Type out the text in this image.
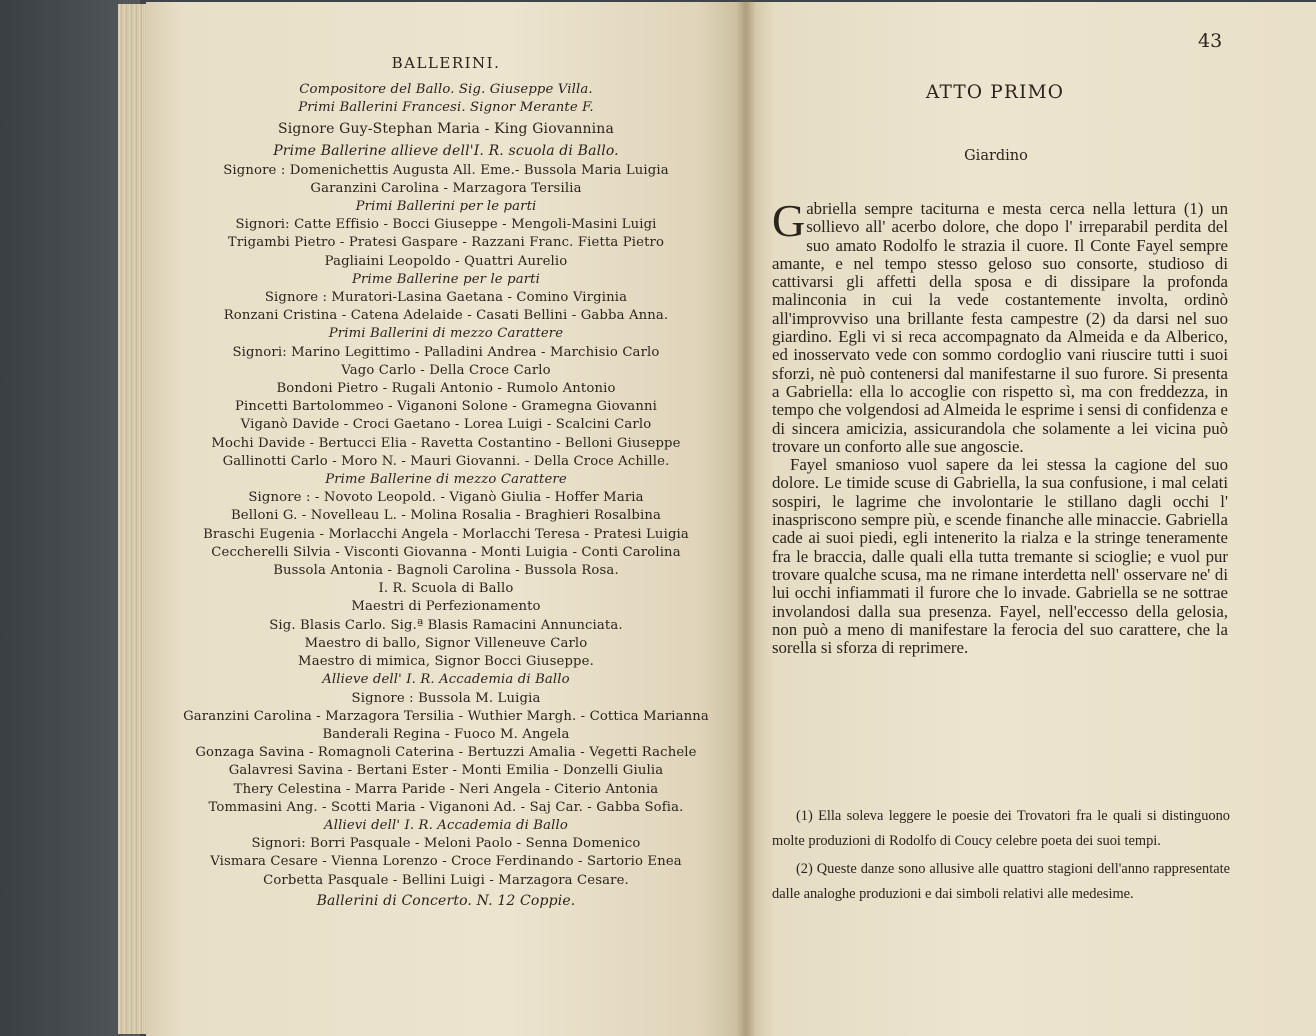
BALLERINI.
Compositore del Ballo. Sig. Giuseppe Villa.
Primi Ballerini Francesi. Signor Merante F.
Signore Guy-Stephan Maria - King Giovannina
Prime Ballerine allieve dell'I. R. scuola di Ballo.
Signore : Domenichettis Augusta All. Eme.- Bussola Maria Luigia
Garanzini Carolina - Marzagora Tersilia
Primi Ballerini per le parti
Signori: Catte Effisio - Bocci Giuseppe - Mengoli-Masini Luigi
Trigambi Pietro - Pratesi Gaspare - Razzani Franc. Fietta Pietro
Pagliaini Leopoldo - Quattri Aurelio
Prime Ballerine per le parti
Signore : Muratori-Lasina Gaetana - Comino Virginia
Ronzani Cristina - Catena Adelaide - Casati Bellini - Gabba Anna.
Primi Ballerini di mezzo Carattere
Signori: Marino Legittimo - Palladini Andrea - Marchisio Carlo
Vago Carlo - Della Croce Carlo
Bondoni Pietro - Rugali Antonio - Rumolo Antonio
Pincetti Bartolommeo - Viganoni Solone - Gramegna Giovanni
Viganò Davide - Croci Gaetano - Lorea Luigi - Scalcini Carlo
Mochi Davide - Bertucci Elia - Ravetta Costantino - Belloni Giuseppe
Gallinotti Carlo - Moro N. - Mauri Giovanni. - Della Croce Achille.
Prime Ballerine di mezzo Carattere
Signore : - Novoto Leopold. - Viganò Giulia - Hoffer Maria
Belloni G. - Novelleau L. - Molina Rosalia - Braghieri Rosalbina
Braschi Eugenia - Morlacchi Angela - Morlacchi Teresa - Pratesi Luigia
Ceccherelli Silvia - Visconti Giovanna - Monti Luigia - Conti Carolina
Bussola Antonia - Bagnoli Carolina - Bussola Rosa.
I. R. Scuola di Ballo
Maestri di Perfezionamento
Sig. Blasis Carlo. Sig.ª Blasis Ramacini Annunciata.
Maestro di ballo, Signor Villeneuve Carlo
Maestro di mimica, Signor Bocci Giuseppe.
Allieve dell' I. R. Accademia di Ballo
Signore : Bussola M. Luigia
Garanzini Carolina - Marzagora Tersilia - Wuthier Margh. - Cottica Marianna
Banderali Regina - Fuoco M. Angela
Gonzaga Savina - Romagnoli Caterina - Bertuzzi Amalia - Vegetti Rachele
Galavresi Savina - Bertani Ester - Monti Emilia - Donzelli Giulia
Thery Celestina - Marra Paride - Neri Angela - Citerio Antonia
Tommasini Ang. - Scotti Maria - Viganoni Ad. - Saj Car. - Gabba Sofia.
Allievi dell' I. R. Accademia di Ballo
Signori: Borri Pasquale - Meloni Paolo - Senna Domenico
Vismara Cesare - Vienna Lorenzo - Croce Ferdinando - Sartorio Enea
Corbetta Pasquale - Bellini Luigi - Marzagora Cesare.
Ballerini di Concerto. N. 12 Coppie.
43
ATTO PRIMO
Giardino

Gabriella sempre taciturna e mesta cerca nella lettura (1) un sollievo all' acerbo dolore, che dopo l' irreparabil perdita del suo amato Rodolfo le strazia il cuore. Il Conte Fayel sempre amante, e nel tempo stesso geloso suo consorte, studioso di cattivarsi gli affetti della sposa e di dissipare la profonda malinconia in cui la vede costantemente involta, ordinò all'improvviso una brillante festa campestre (2) da darsi nel suo giardino. Egli vi si reca accompagnato da Almeida e da Alberico, ed inosservato vede con sommo cordoglio vani riuscire tutti i suoi sforzi, nè può contenersi dal manifestarne il suo furore. Si presenta a Gabriella: ella lo accoglie con rispetto sì, ma con freddezza, in tempo che volgendosi ad Almeida le esprime i sensi di confidenza e di sincera amicizia, assicurandola che solamente a lei vicina può trovare un conforto alle sue angoscie.

Fayel smanioso vuol sapere da lei stessa la cagione del suo dolore. Le timide scuse di Gabriella, la sua confusione, i mal celati sospiri, le lagrime che involontarie le stillano dagli occhi l' inaspriscono sempre più, e scende finanche alle minaccie. Gabriella cade ai suoi piedi, egli intenerito la rialza e la stringe teneramente fra le braccia, dalle quali ella tutta tremante si scioglie; e vuol pur trovare qualche scusa, ma ne rimane interdetta nell' osservare ne' di lui occhi infiammati il furore che lo invade. Gabriella se ne sottrae involandosi dalla sua presenza. Fayel, nell'eccesso della gelosia, non può a meno di manifestare la ferocia del suo carattere, che la sorella si sforza di reprimere.

(1) Ella soleva leggere le poesie dei Trovatori fra le quali si distinguono molte produzioni di Rodolfo di Coucy celebre poeta dei suoi tempi.

(2) Queste danze sono allusive alle quattro stagioni dell'anno rappresentate dalle analoghe produzioni e dai simboli relativi alle medesime.
